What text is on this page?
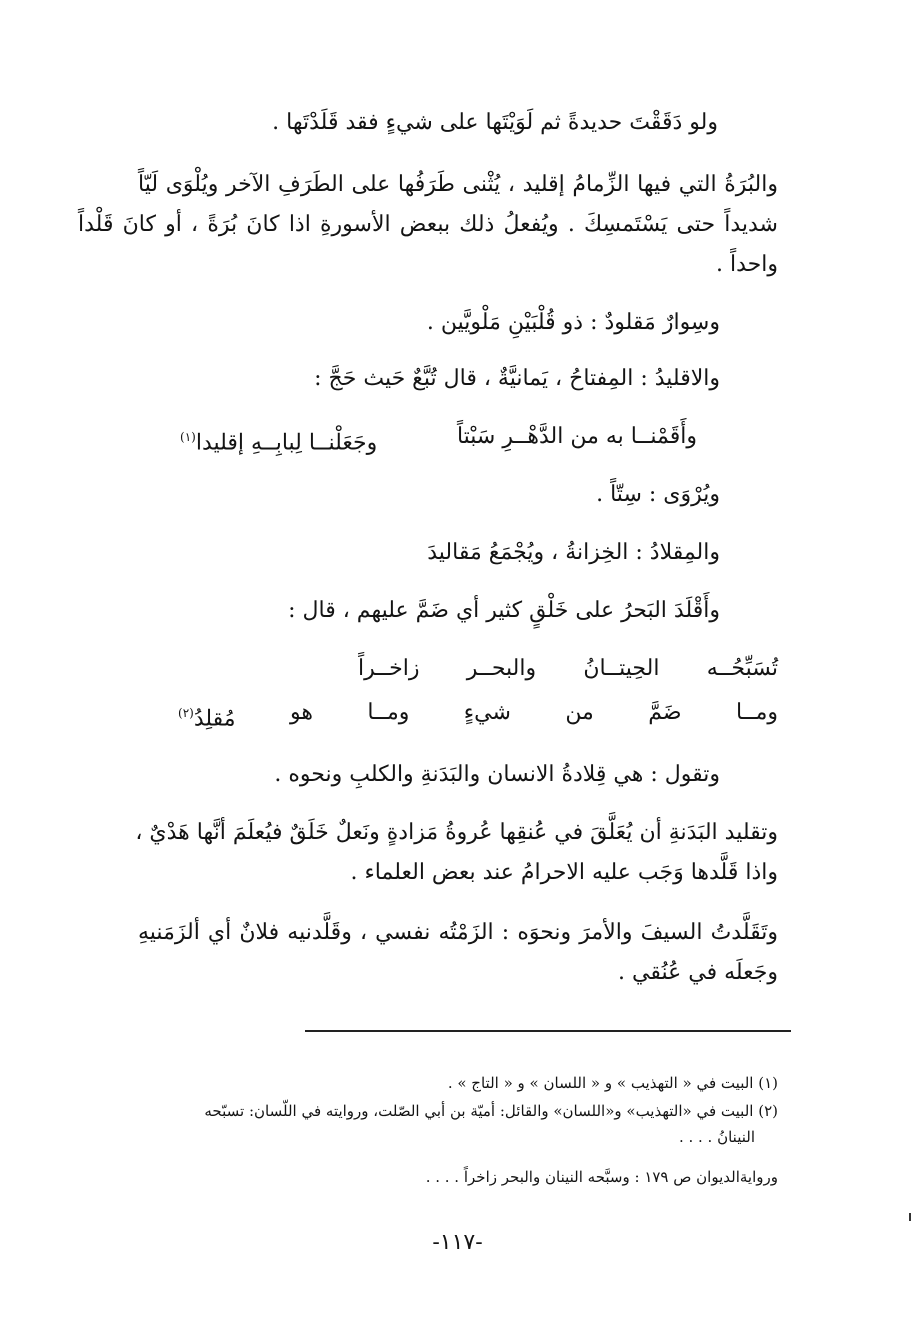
ولو دَقَقْتَ حديدةً ثم لَوَيْتَها على شيءٍ فقد قَلَدْتَها .
والبُرَةُ التي فيها الزِّمامُ إقليد ، يُثْنى طَرَفُها على الطَرَفِ الآخر ويُلْوَى لَيّاً
شديداً حتى يَسْتَمسِكَ . ويُفعلُ ذلك ببعض الأسورةِ اذا كانَ بُرَةً ، أو كانَ قَلْداً
واحداً .
وسِوارٌ مَقلودٌ : ذو قُلْبَيْنِ مَلْويَّين .
والاقليدُ : المِفتاحُ ، يَمانيَّةٌ ، قال تُبَّعٌ حَيث حَجَّ :
وأَقَمْنــا به من الدَّهْــرِ سَبْتاً
وجَعَلْنــا لِبابِــهِ إقليدا$^{(١)}$
ويُرْوَى : سِتّاً .
والمِقلادُ : الخِزانةُ ، ويُجْمَعُ مَقاليدَ
وأَقْلَدَ البَحرُ على خَلْقٍ كثير أي ضَمَّ عليهم ، قال :
تُسَبِّحُــه
الحِيتــانُ
والبحــر
زاخــراً
ومــا
ضَمَّ
من
شيءٍ
ومــا
هو
مُقلِدُ$^{(٢)}$
وتقول : هي قِلادةُ الانسان والبَدَنةِ والكلبِ ونحوه .
وتقليد البَدَنةِ أن يُعَلَّقَ في عُنقِها عُروةُ مَزادةٍ ونَعلٌ خَلَقٌ فيُعلَمَ أنَّها هَدْيٌ ،
واذا قَلَّدها وَجَب عليه الاحرامُ عند بعض العلماء .
وتَقَلَّدتُ السيفَ والأمرَ ونحوَه : الزَمْتُه نفسي ، وقَلَّدنيه فلانٌ أي ألزَمَنيهِ
وجَعلَه في عُنُقي .
(١) البيت في « التهذيب » و « اللسان » و « التاج » .
(٢) البيت في «التهذيب» و«اللسان» والقائل: أميّة بن أبي الصّلت، وروايته في اللّسان: تسبّحه
النينانُ . . . .
وروايةالديوان ص ١٧٩ : وسبَّحه النينان والبحر زاخراً . . . .
-١١٧-
